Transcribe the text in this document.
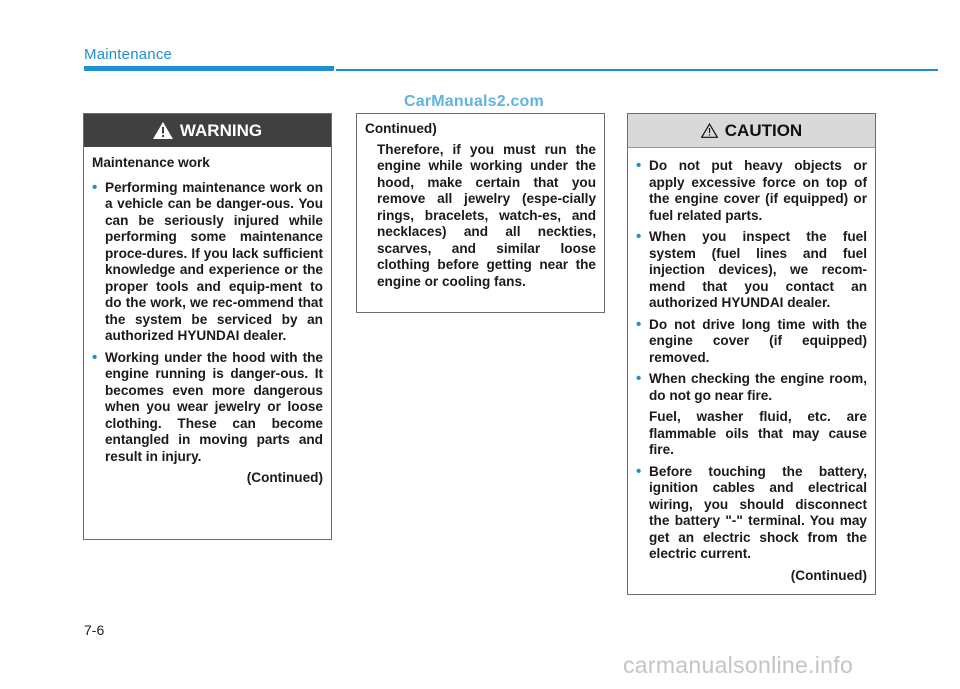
Maintenance
CarManuals2.com
WARNING

Maintenance work

• Performing maintenance work on a vehicle can be danger-ous. You can be seriously injured while performing some maintenance proce-dures. If you lack sufficient knowledge and experience or the proper tools and equip-ment to do the work, we rec-ommend that the system be serviced by an authorized HYUNDAI dealer.
• Working under the hood with the engine running is danger-ous. It becomes even more dangerous when you wear jewelry or loose clothing. These can become entangled in moving parts and result in injury.

(Continued)

Continued)

Therefore, if you must run the engine while working under the hood, make certain that you remove all jewelry (espe-cially rings, bracelets, watch-es, and necklaces) and all neckties, scarves, and similar loose clothing before getting near the engine or cooling fans.

CAUTION
• Do not put heavy objects or apply excessive force on top of the engine cover (if equipped) or fuel related parts.
• When you inspect the fuel system (fuel lines and fuel injection devices), we recom-mend that you contact an authorized HYUNDAI dealer.
• Do not drive long time with the engine cover (if equipped) removed.
• When checking the engine room, do not go near fire.

Fuel, washer fluid, etc. are flammable oils that may cause fire.

• Before touching the battery, ignition cables and electrical wiring, you should disconnect the battery "-" terminal. You may get an electric shock from the electric current.

(Continued)

7-6
carmanualsonline.info
